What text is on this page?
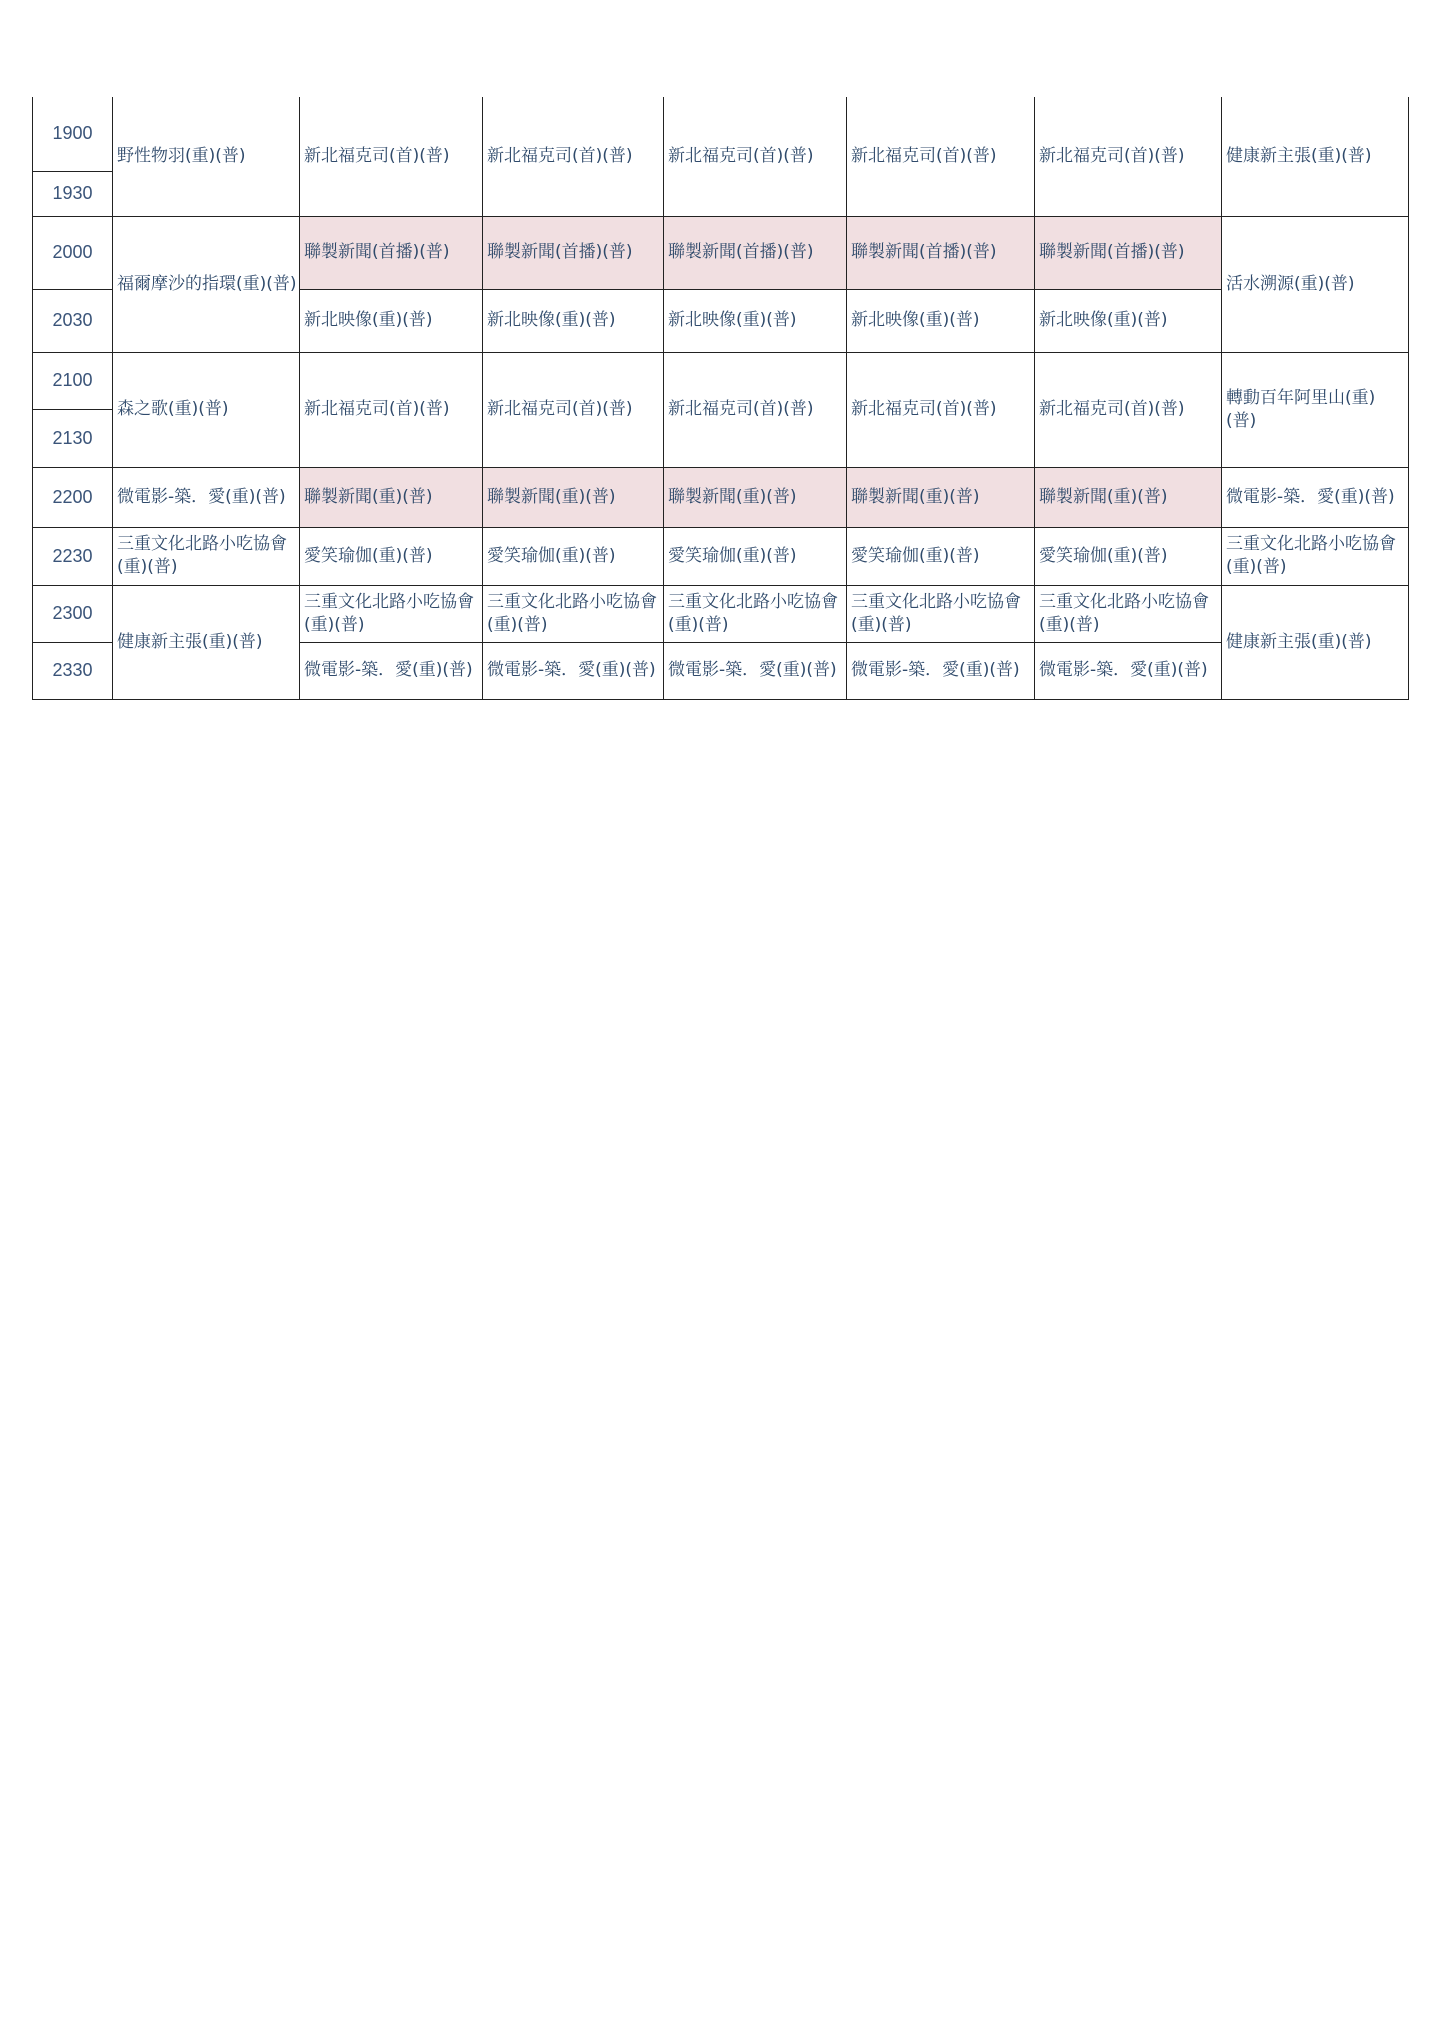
1900	野性物羽(重)(普)	新北福克司(首)(普)	新北福克司(首)(普)	新北福克司(首)(普)	新北福克司(首)(普)	新北福克司(首)(普)	健康新主張(重)(普)
1930							
2000	福爾摩沙的指環(重)(普)	聯製新聞(首播)(普)	聯製新聞(首播)(普)	聯製新聞(首播)(普)	聯製新聞(首播)(普)	聯製新聞(首播)(普)	活水溯源(重)(普)
2030		新北映像(重)(普)	新北映像(重)(普)	新北映像(重)(普)	新北映像(重)(普)	新北映像(重)(普)	
2100	森之歌(重)(普)	新北福克司(首)(普)	新北福克司(首)(普)	新北福克司(首)(普)	新北福克司(首)(普)	新北福克司(首)(普)	轉動百年阿里山(重)(普)
2130							
2200	微電影-築．愛(重)(普)	聯製新聞(重)(普)	聯製新聞(重)(普)	聯製新聞(重)(普)	聯製新聞(重)(普)	聯製新聞(重)(普)	微電影-築．愛(重)(普)
2230	三重文化北路小吃協會(重)(普)	愛笑瑜伽(重)(普)	愛笑瑜伽(重)(普)	愛笑瑜伽(重)(普)	愛笑瑜伽(重)(普)	愛笑瑜伽(重)(普)	三重文化北路小吃協會(重)(普)
2300	健康新主張(重)(普)	三重文化北路小吃協會(重)(普)	三重文化北路小吃協會(重)(普)	三重文化北路小吃協會(重)(普)	三重文化北路小吃協會(重)(普)	三重文化北路小吃協會(重)(普)	健康新主張(重)(普)
2330		微電影-築．愛(重)(普)	微電影-築．愛(重)(普)	微電影-築．愛(重)(普)	微電影-築．愛(重)(普)	微電影-築．愛(重)(普)	
